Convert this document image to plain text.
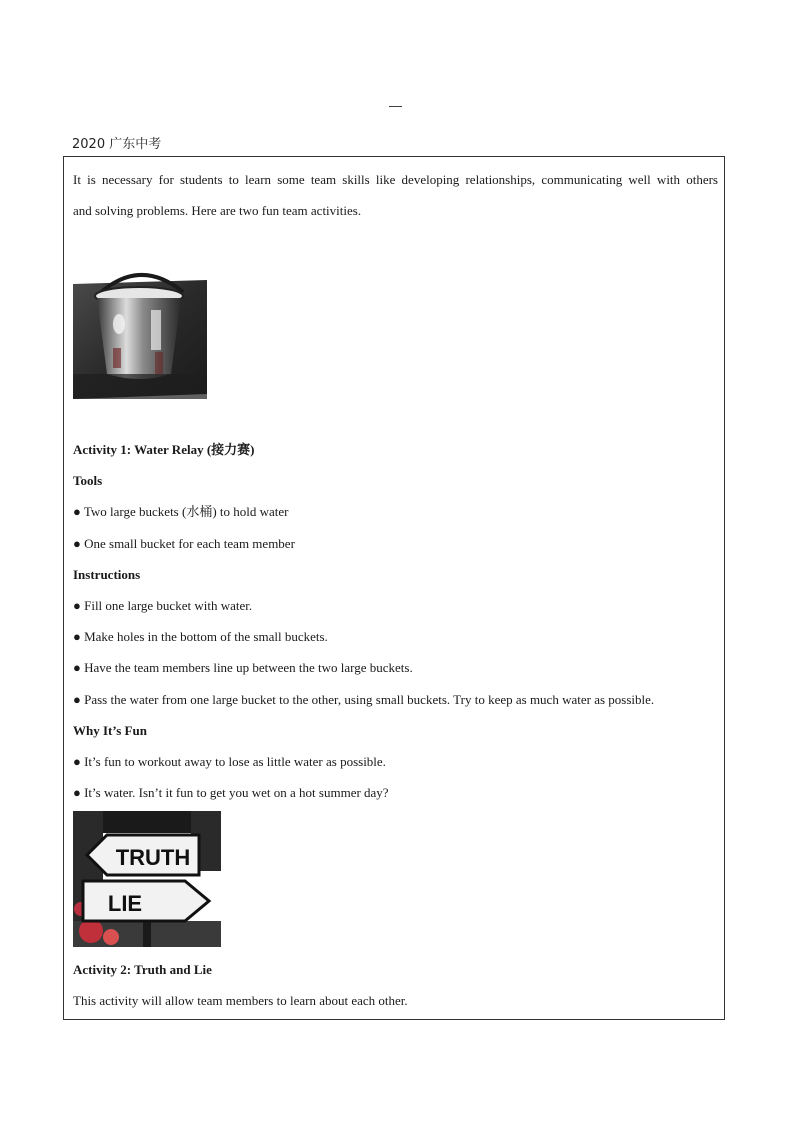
—
2020 广东中考
It is necessary for students to learn some team skills like developing relationships, communicating well with others
and solving problems. Here are two fun team activities.
Activity 1: Water Relay (接力赛)
Tools
● Two large buckets (水桶) to hold water
● One small bucket for each team member
Instructions
● Fill one large bucket with water.
● Make holes in the bottom of the small buckets.
● Have the team members line up between the two large buckets.
● Pass the water from one large bucket to the other, using small buckets. Try to keep as much water as possible.
Why It’s Fun
● It’s fun to workout away to lose as little water as possible.
● It’s water. Isn’t it fun to get you wet on a hot summer day?
TRUTH
LIE
Activity 2: Truth and Lie
This activity will allow team members to learn about each other.
